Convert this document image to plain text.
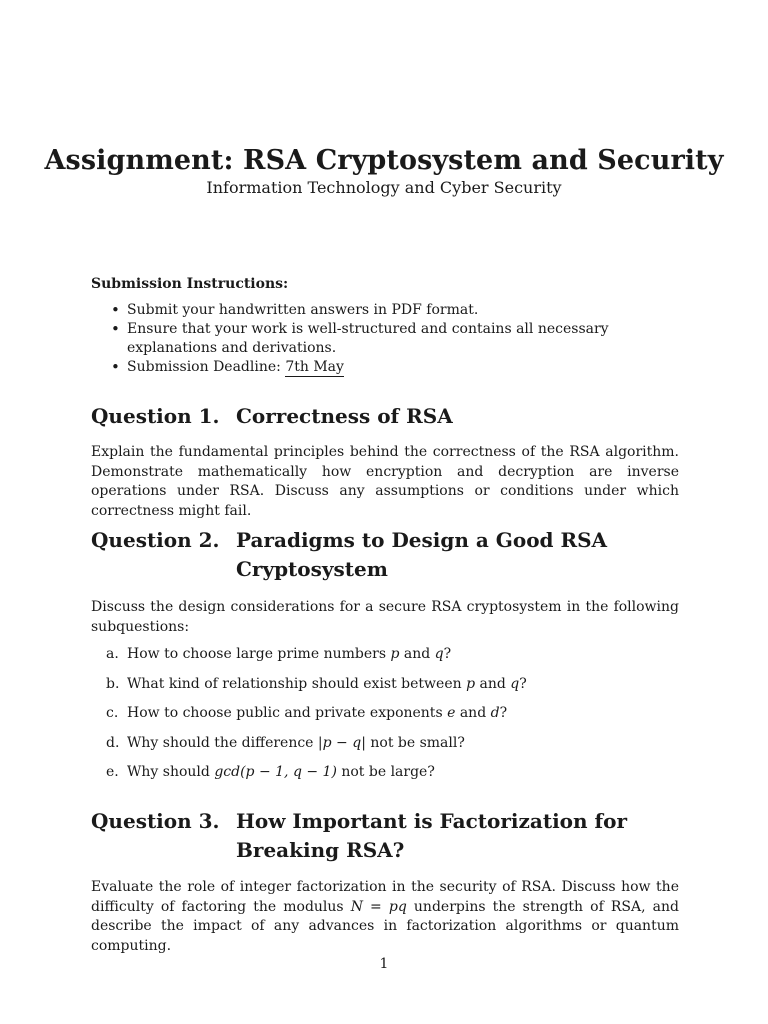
Assignment: RSA Cryptosystem and Security
Information Technology and Cyber Security
Submission Instructions:
• Submit your handwritten answers in PDF format.
• Ensure that your work is well-structured and contains all necessary explanations and derivations.
• Submission Deadline: 7th May
Question 1. Correctness of RSA

Explain the fundamental principles behind the correctness of the RSA algorithm. Demonstrate mathematically how encryption and decryption are inverse operations under RSA. Discuss any assumptions or conditions under which correctness might fail.

Question 2. Paradigms to Design a Good RSA Cryptosystem

Discuss the design considerations for a secure RSA cryptosystem in the following subquestions:

a. How to choose large prime numbers p and q?
b. What kind of relationship should exist between p and q?
c. How to choose public and private exponents e and d?
d. Why should the difference |p − q| not be small?
e. Why should gcd(p − 1, q − 1) not be large?
Question 3. How Important is Factorization for Breaking RSA?

Evaluate the role of integer factorization in the security of RSA. Discuss how the difficulty of factoring the modulus N = pq underpins the strength of RSA, and describe the impact of any advances in factorization algorithms or quantum computing.

1
